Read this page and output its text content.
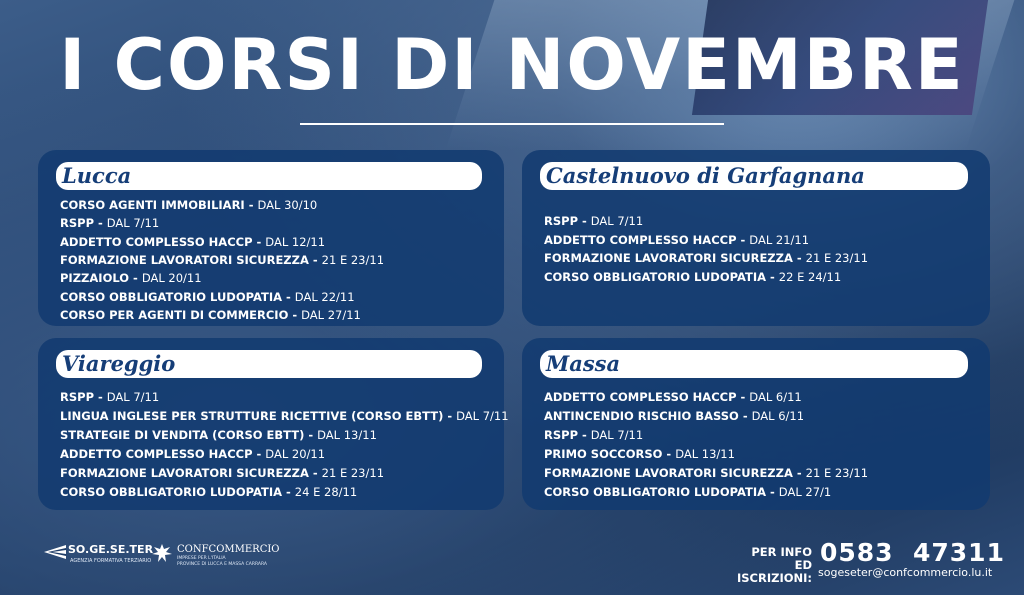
I CORSI DI NOVEMBRE
Lucca
CORSO AGENTI IMMOBILIARI - DAL 30/10
RSPP - DAL 7/11
ADDETTO COMPLESSO HACCP - DAL 12/11
FORMAZIONE LAVORATORI SICUREZZA - 21 E 23/11
PIZZAIOLO - DAL 20/11
CORSO OBBLIGATORIO LUDOPATIA - DAL 22/11
CORSO PER AGENTI DI COMMERCIO - DAL 27/11
Castelnuovo di Garfagnana
RSPP - DAL 7/11
ADDETTO COMPLESSO HACCP - DAL 21/11
FORMAZIONE LAVORATORI SICUREZZA - 21 E 23/11
CORSO OBBLIGATORIO LUDOPATIA - 22 E 24/11
Viareggio
RSPP - DAL 7/11
LINGUA INGLESE PER STRUTTURE RICETTIVE (CORSO EBTT) - DAL 7/11
STRATEGIE DI VENDITA (CORSO EBTT) - DAL 13/11
ADDETTO COMPLESSO HACCP - DAL 20/11
FORMAZIONE LAVORATORI SICUREZZA - 21 E 23/11
CORSO OBBLIGATORIO LUDOPATIA - 24 E 28/11
Massa
ADDETTO COMPLESSO HACCP - DAL 6/11
ANTINCENDIO RISCHIO BASSO - DAL 6/11
RSPP - DAL 7/11
PRIMO SOCCORSO - DAL 13/11
FORMAZIONE LAVORATORI SICUREZZA - 21 E 23/11
CORSO OBBLIGATORIO LUDOPATIA - DAL 27/1
SO.GE.SE.TER
AGENZIA FORMATIVA TERZIARIO
CONFCOMMERCIO
IMPRESE PER L'ITALIA
PROVINCE DI LUCCA E MASSA CARRARA
PER INFO
ED ISCRIZIONI:
0583  47311
sogeseter@confcommercio.lu.it
